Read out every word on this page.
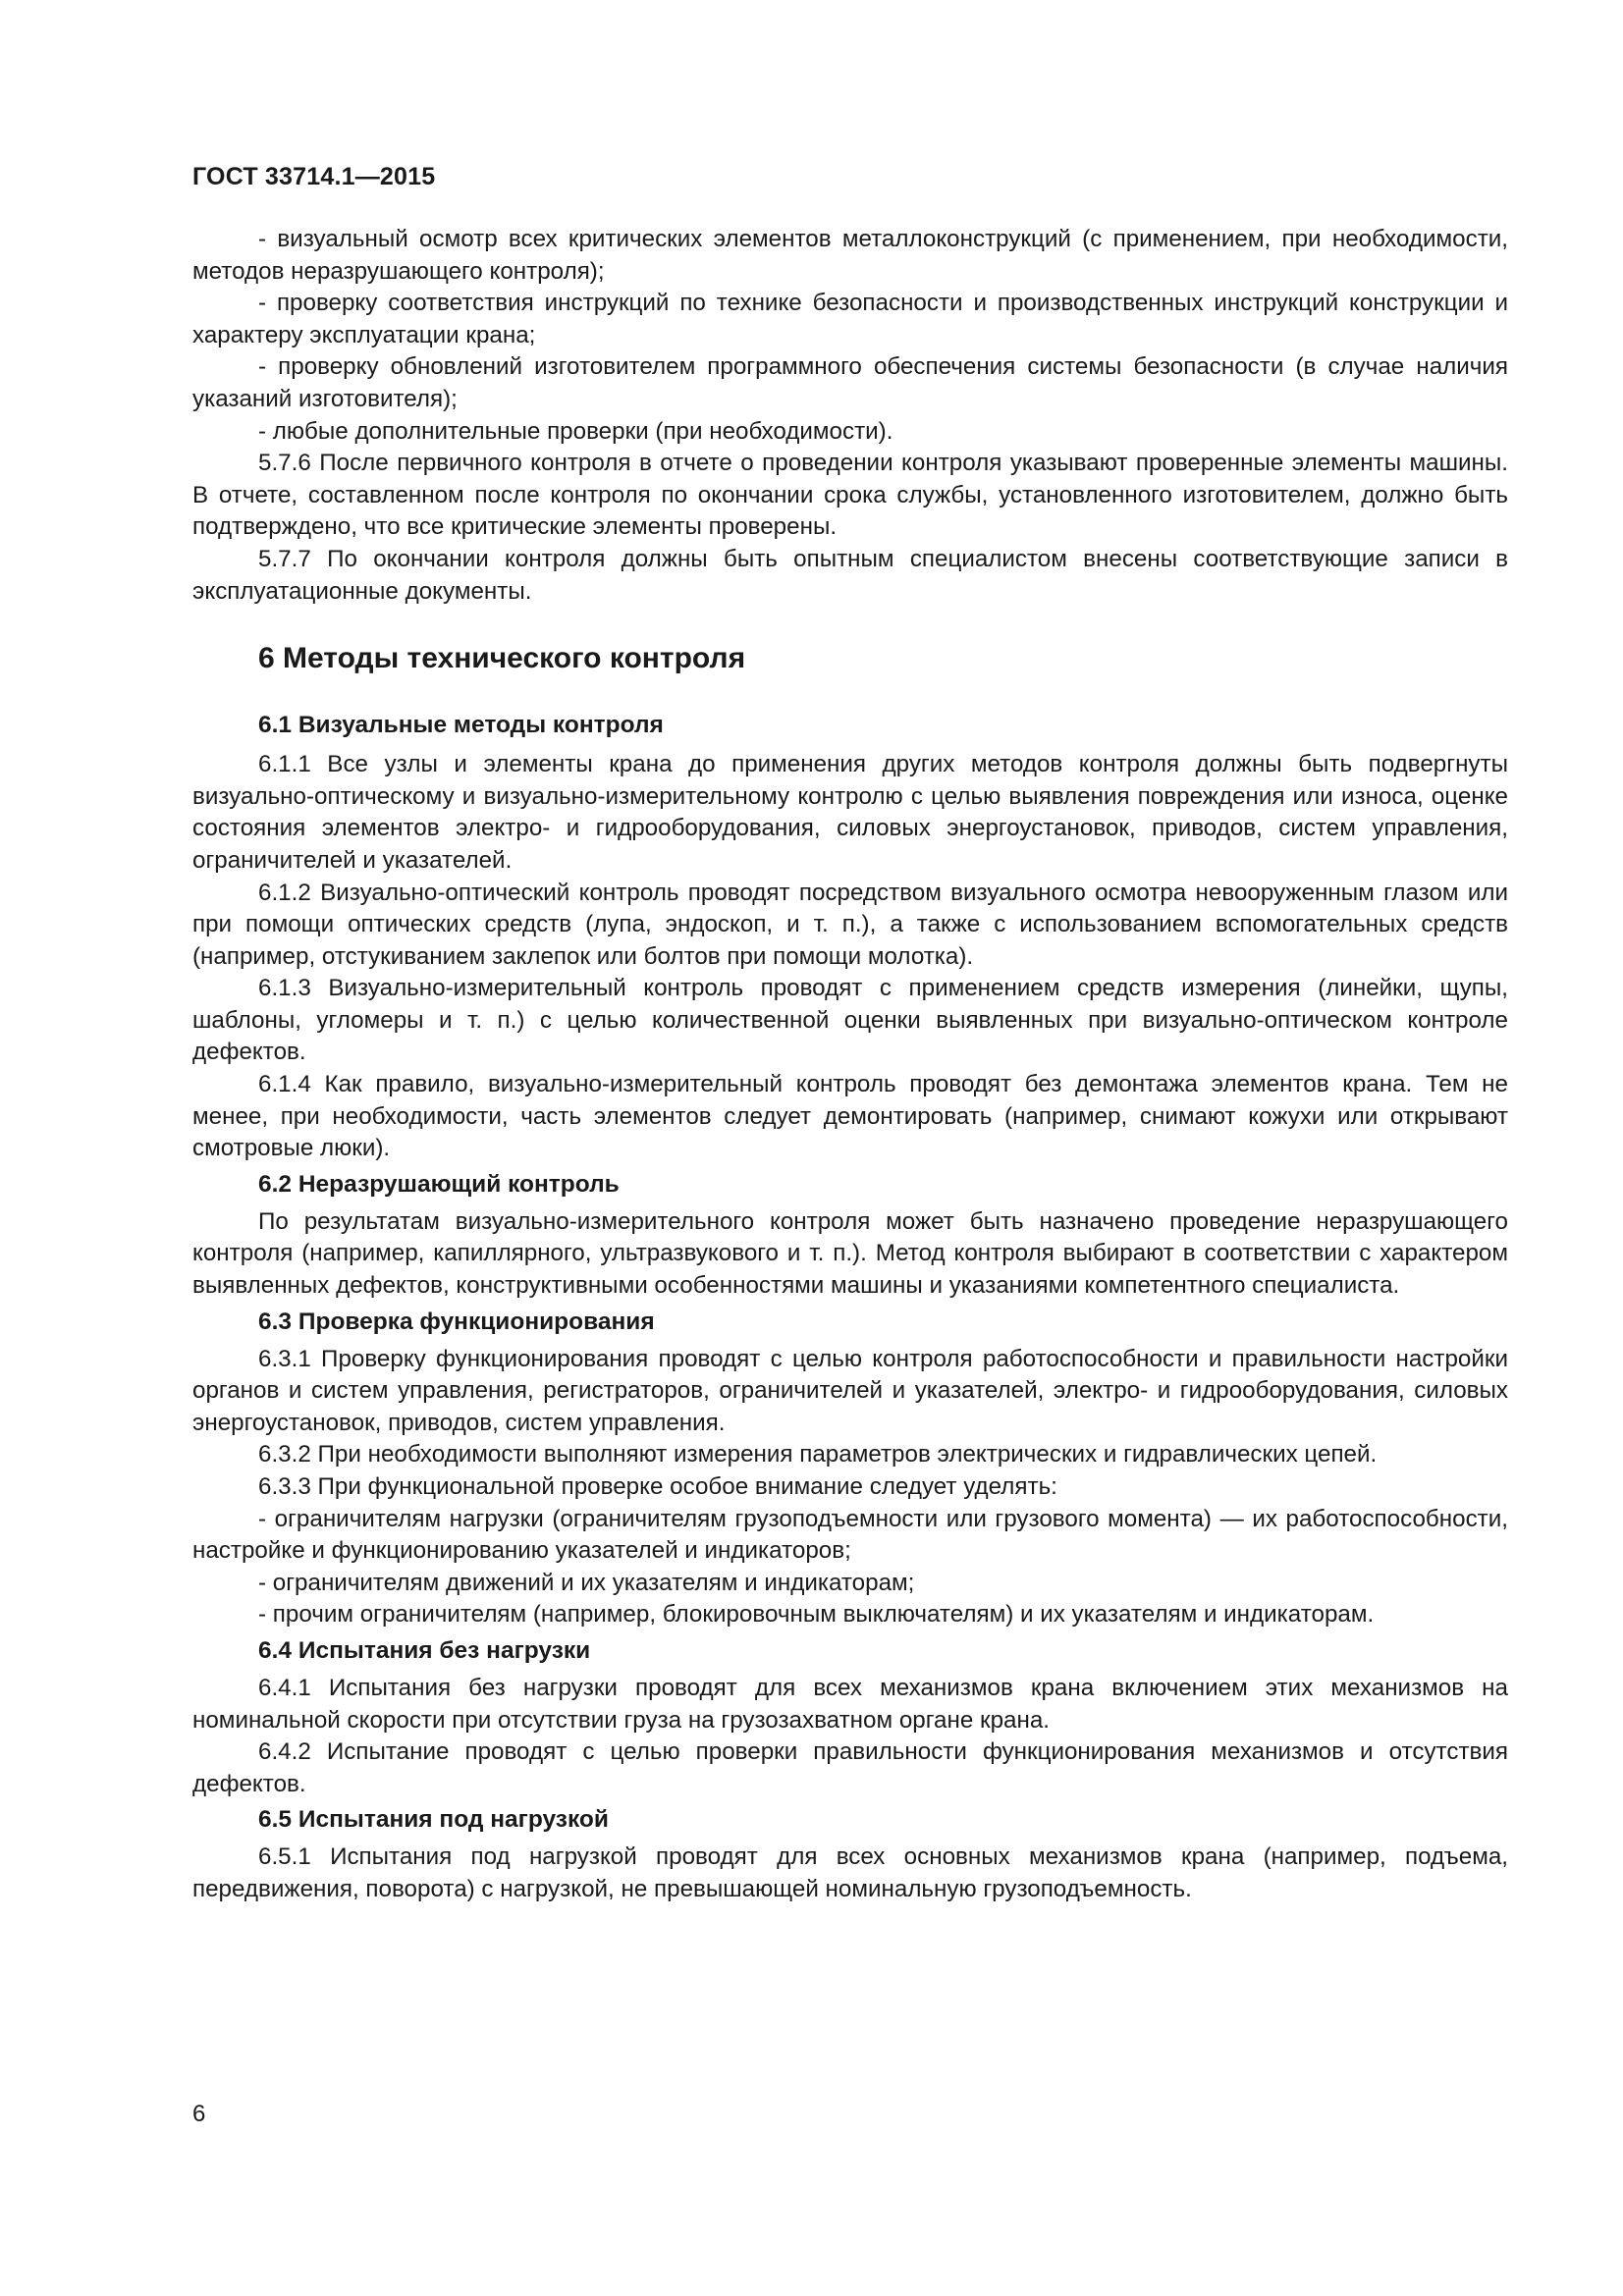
ГОСТ 33714.1—2015

- визуальный осмотр всех критических элементов металлоконструкций (с применением, при необходимости, методов неразрушающего контроля);

- проверку соответствия инструкций по технике безопасности и производственных инструкций конструкции и характеру эксплуатации крана;

- проверку обновлений изготовителем программного обеспечения системы безопасности (в случае наличия указаний изготовителя);

- любые дополнительные проверки (при необходимости).

5.7.6 После первичного контроля в отчете о проведении контроля указывают проверенные элементы машины. В отчете, составленном после контроля по окончании срока службы, установленного изготовителем, должно быть подтверждено, что все критические элементы проверены.

5.7.7 По окончании контроля должны быть опытным специалистом внесены соответствующие записи в эксплуатационные документы.

6 Методы технического контроля
6.1 Визуальные методы контроля

6.1.1 Все узлы и элементы крана до применения других методов контроля должны быть подвергнуты визуально-оптическому и визуально-измерительному контролю с целью выявления повреждения или износа, оценке состояния элементов электро- и гидрооборудования, силовых энергоустановок, приводов, систем управления, ограничителей и указателей.

6.1.2 Визуально-оптический контроль проводят посредством визуального осмотра невооруженным глазом или при помощи оптических средств (лупа, эндоскоп, и т. п.), а также с использованием вспомогательных средств (например, отстукиванием заклепок или болтов при помощи молотка).

6.1.3 Визуально-измерительный контроль проводят с применением средств измерения (линейки, щупы, шаблоны, угломеры и т. п.) с целью количественной оценки выявленных при визуально-оптическом контроле дефектов.

6.1.4 Как правило, визуально-измерительный контроль проводят без демонтажа элементов крана. Тем не менее, при необходимости, часть элементов следует демонтировать (например, снимают кожухи или открывают смотровые люки).

6.2 Неразрушающий контроль

По результатам визуально-измерительного контроля может быть назначено проведение неразрушающего контроля (например, капиллярного, ультразвукового и т. п.). Метод контроля выбирают в соответствии с характером выявленных дефектов, конструктивными особенностями машины и указаниями компетентного специалиста.

6.3 Проверка функционирования

6.3.1 Проверку функционирования проводят с целью контроля работоспособности и правильности настройки органов и систем управления, регистраторов, ограничителей и указателей, электро- и гидрооборудования, силовых энергоустановок, приводов, систем управления.

6.3.2 При необходимости выполняют измерения параметров электрических и гидравлических цепей.

6.3.3 При функциональной проверке особое внимание следует уделять:

- ограничителям нагрузки (ограничителям грузоподъемности или грузового момента) — их работоспособности, настройке и функционированию указателей и индикаторов;

- ограничителям движений и их указателям и индикаторам;

- прочим ограничителям (например, блокировочным выключателям) и их указателям и индикаторам.

6.4 Испытания без нагрузки

6.4.1 Испытания без нагрузки проводят для всех механизмов крана включением этих механизмов на номинальной скорости при отсутствии груза на грузозахватном органе крана.

6.4.2 Испытание проводят с целью проверки правильности функционирования механизмов и отсутствия дефектов.

6.5 Испытания под нагрузкой

6.5.1 Испытания под нагрузкой проводят для всех основных механизмов крана (например, подъема, передвижения, поворота) с нагрузкой, не превышающей номинальную грузоподъемность.

6
